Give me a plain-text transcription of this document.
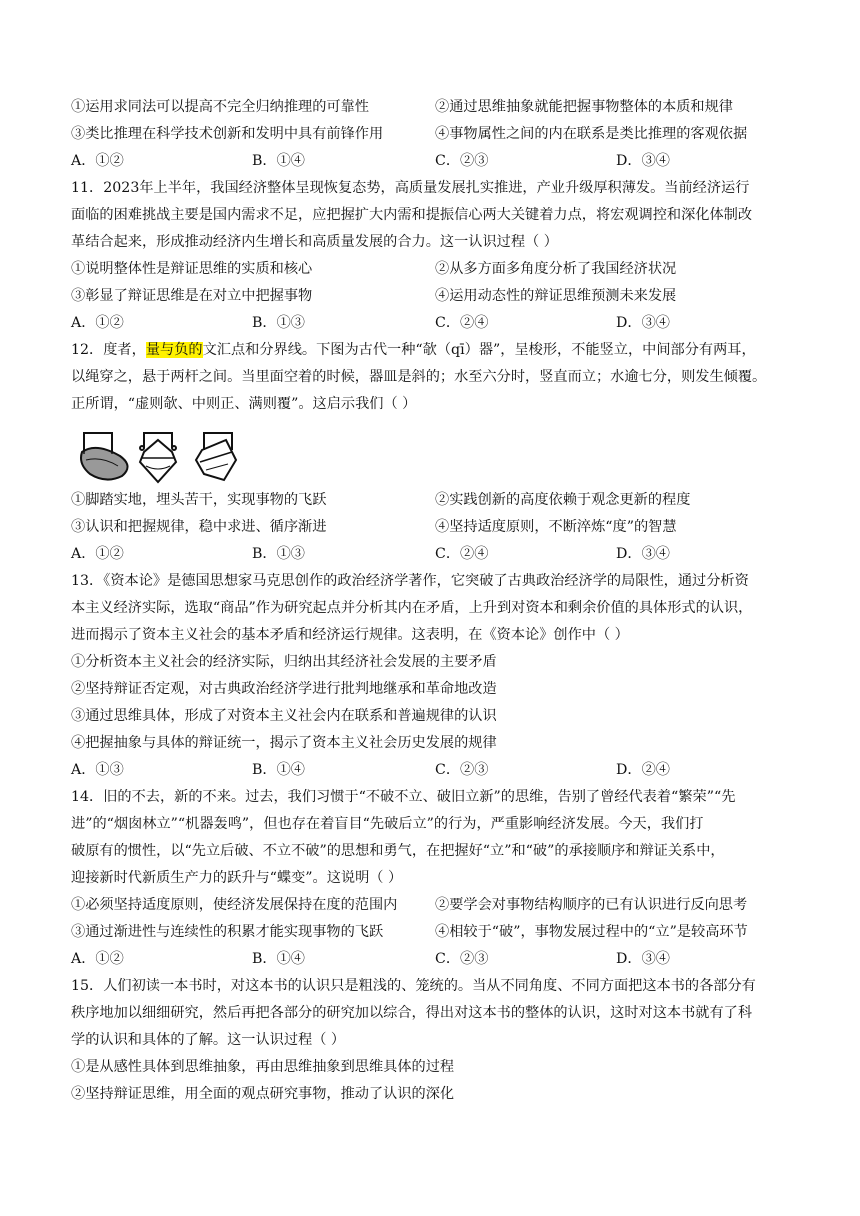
①运用求同法可以提高不完全归纳推理的可靠性	②通过思维抽象就能把握事物整体的本质和规律
③类比推理在科学技术创新和发明中具有前锋作用	④事物属性之间的内在联系是类比推理的客观依据
A．①②	B．①④	C．②③	D．③④
11．2023年上半年，我国经济整体呈现恢复态势，高质量发展扎实推进，产业升级厚积薄发。当前经济运行
面临的困难挑战主要是国内需求不足，应把握扩大内需和提振信心两大关键着力点，将宏观调控和深化体制改
革结合起来，形成推动经济内生增长和高质量发展的合力。这一认识过程（ ）
①说明整体性是辩证思维的实质和核心	②从多方面多角度分析了我国经济状况
③彰显了辩证思维是在对立中把握事物	④运用动态性的辩证思维预测未来发展
A．①②	B．①③	C．②④	D．③④
12．度者，量与负的文汇点和分界线。下图为古代一种“欹（qī）器”，呈梭形，不能竖立，中间部分有两耳，
以绳穿之，悬于两杆之间。当里面空着的时候，器皿是斜的；水至六分时，竖直而立；水逾七分，则发生倾覆。
正所谓，“虚则欹、中则正、满则覆”。这启示我们（ ）
①脚踏实地，埋头苦干，实现事物的飞跃	②实践创新的高度依赖于观念更新的程度
③认识和把握规律，稳中求进、循序渐进	④坚持适度原则，不断淬炼“度”的智慧
A．①②	B．①③	C．②④	D．③④
13．《资本论》是德国思想家马克思创作的政治经济学著作，它突破了古典政治经济学的局限性，通过分析资
本主义经济实际，选取“商品”作为研究起点并分析其内在矛盾，上升到对资本和剩余价值的具体形式的认识，
进而揭示了资本主义社会的基本矛盾和经济运行规律。这表明，在《资本论》创作中（ ）
①分析资本主义社会的经济实际，归纳出其经济社会发展的主要矛盾
②坚持辩证否定观，对古典政治经济学进行批判地继承和革命地改造
③通过思维具体，形成了对资本主义社会内在联系和普遍规律的认识
④把握抽象与具体的辩证统一，揭示了资本主义社会历史发展的规律
A．①③	B．①④	C．②③	D．②④
14．旧的不去，新的不来。过去，我们习惯于“不破不立、破旧立新”的思维，告别了曾经代表着“繁荣”“先
进”的“烟囱林立”“机器轰鸣”，但也存在着盲目“先破后立”的行为，严重影响经济发展。今天，我们打
破原有的惯性，以“先立后破、不立不破”的思想和勇气，在把握好“立”和“破”的承接顺序和辩证关系中，
迎接新时代新质生产力的跃升与“蝶变”。这说明（ ）
①必须坚持适度原则，使经济发展保持在度的范围内	②要学会对事物结构顺序的已有认识进行反向思考
③通过渐进性与连续性的积累才能实现事物的飞跃	④相较于“破”，事物发展过程中的“立”是较高环节
A．①②	B．①④	C．②③	D．③④
15．人们初读一本书时，对这本书的认识只是粗浅的、笼统的。当从不同角度、不同方面把这本书的各部分有
秩序地加以细细研究，然后再把各部分的研究加以综合，得出对这本书的整体的认识，这时对这本书就有了科
学的认识和具体的了解。这一认识过程（ ）
①是从感性具体到思维抽象，再由思维抽象到思维具体的过程
②坚持辩证思维，用全面的观点研究事物，推动了认识的深化
